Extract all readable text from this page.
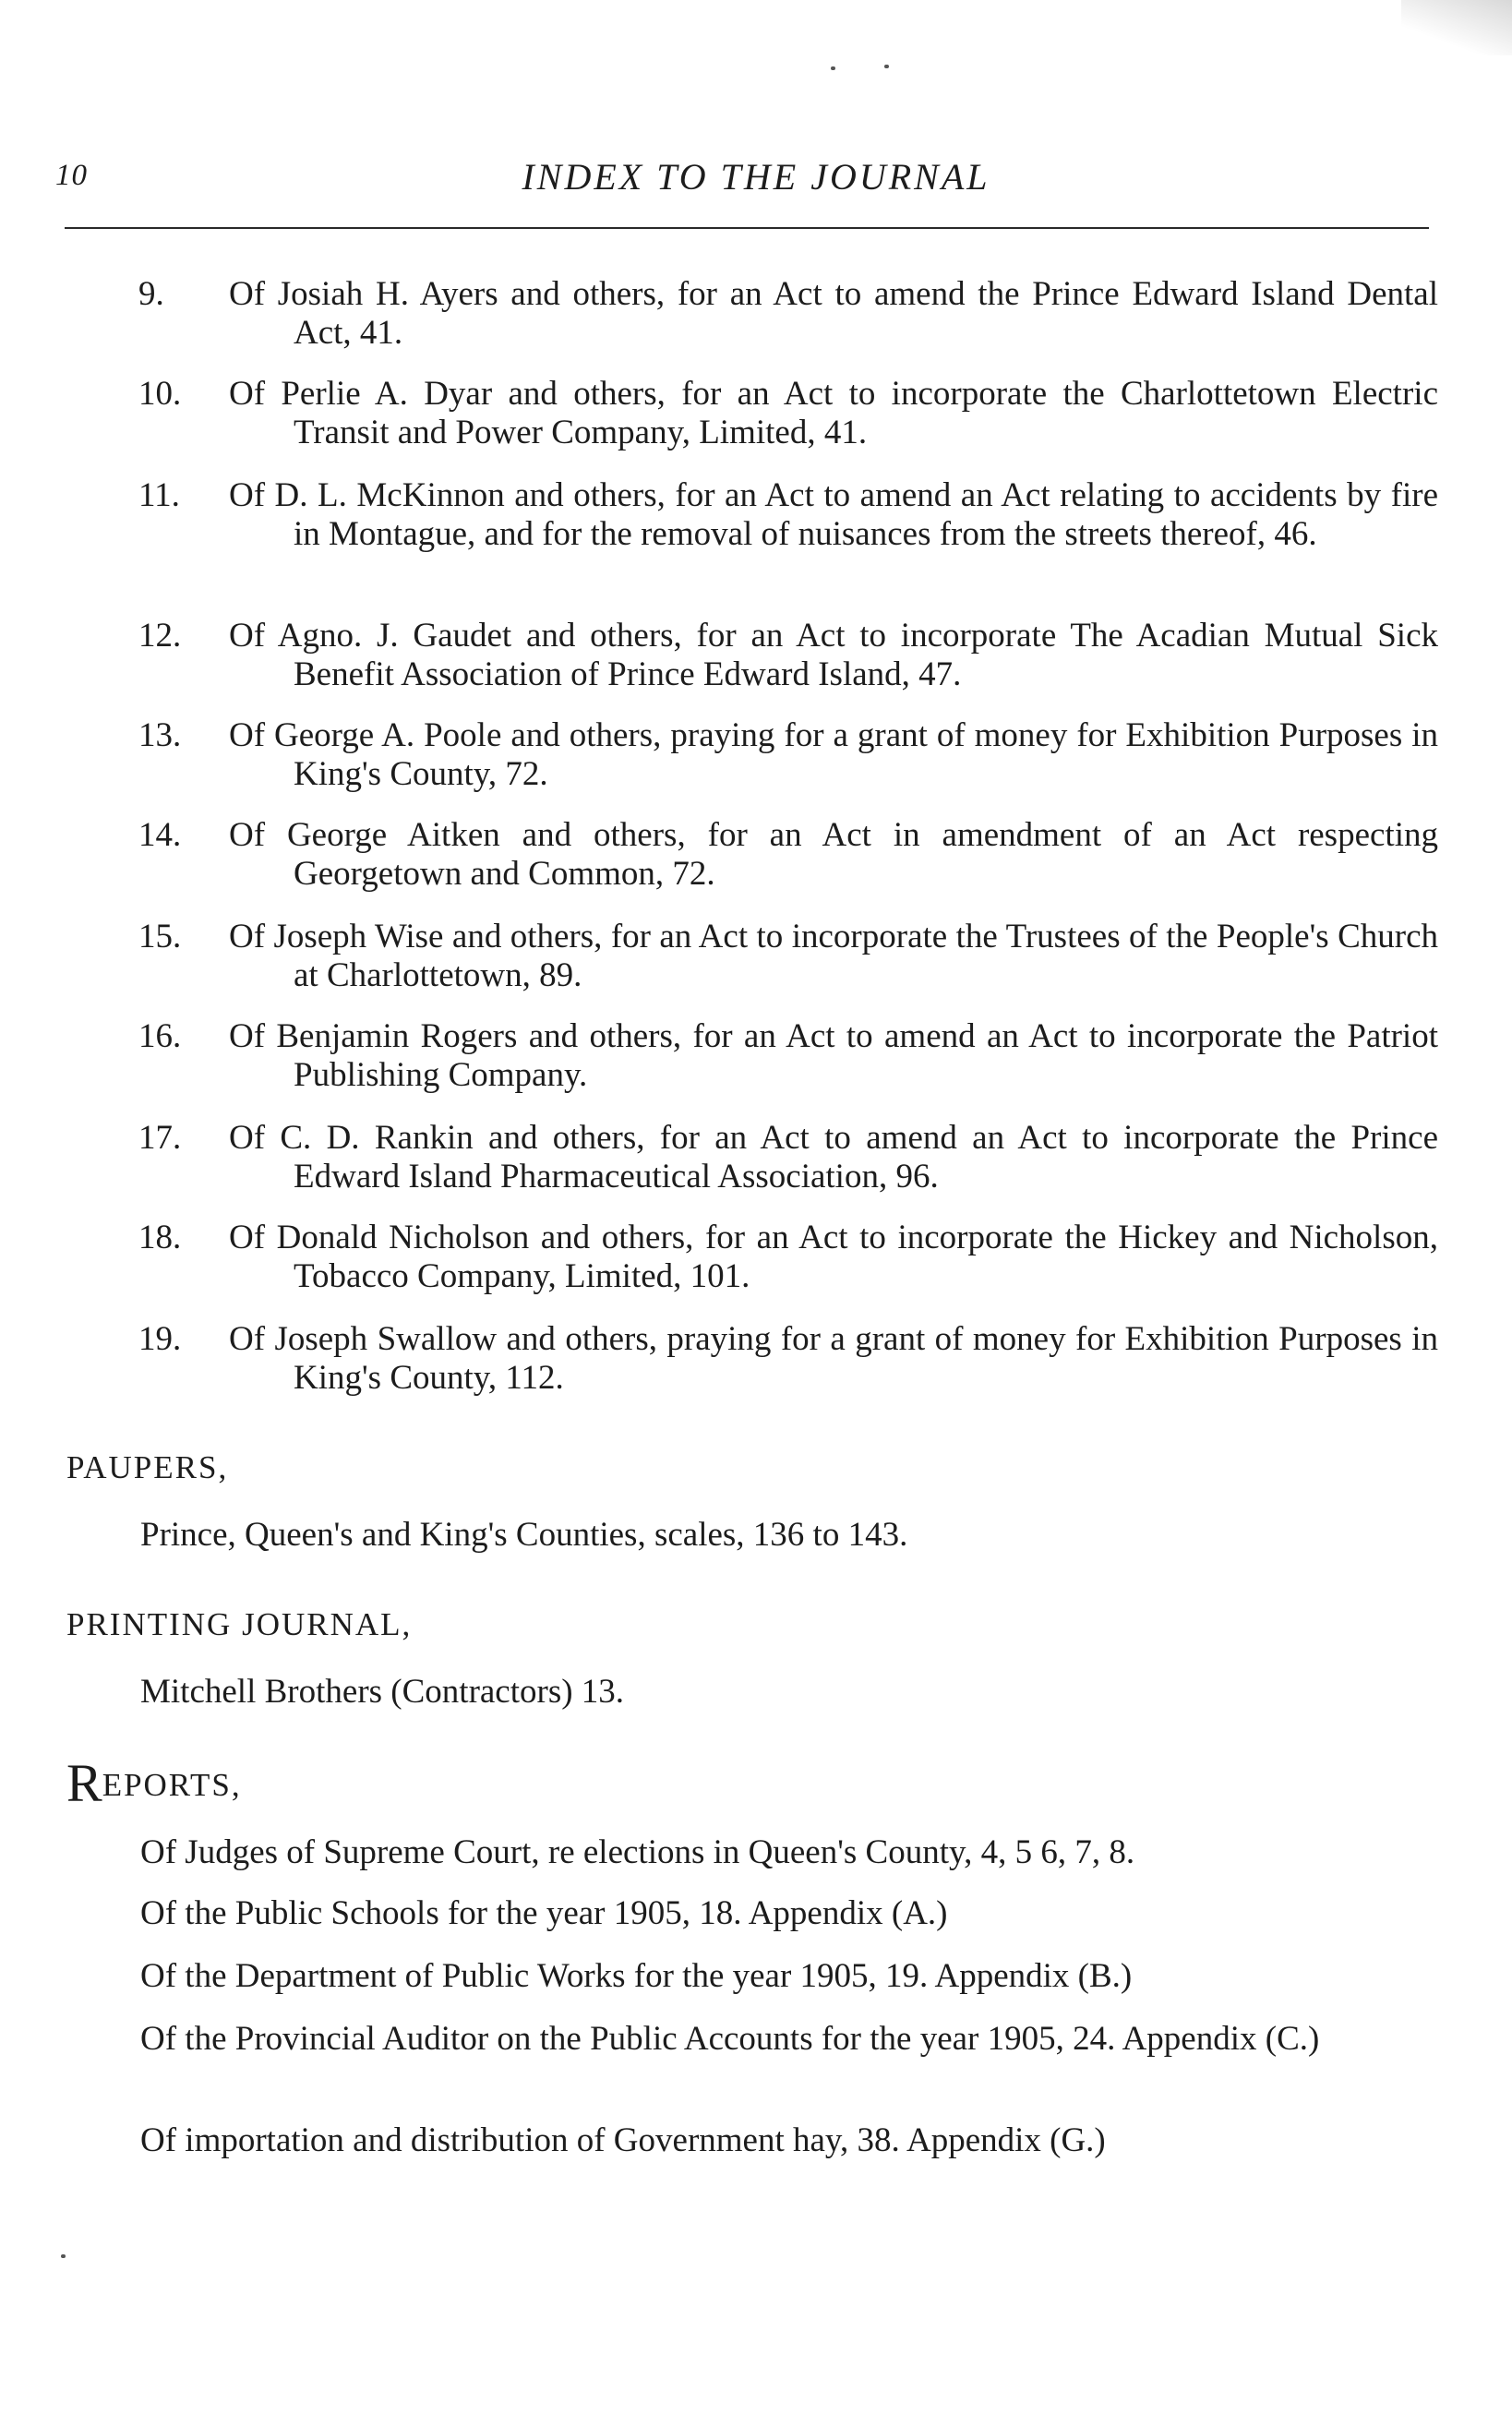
10	INDEX TO THE JOURNAL
9. Of Josiah H. Ayers and others, for an Act to amend the Prince Edward Island Dental Act, 41.
10. Of Perlie A. Dyar and others, for an Act to incorporate the Charlottetown Electric Transit and Power Company, Limited, 41.
11. Of D. L. McKinnon and others, for an Act to amend an Act relating to accidents by fire in Montague, and for the removal of nuisances from the streets thereof, 46.
12. Of Agno. J. Gaudet and others, for an Act to incorporate The Acadian Mutual Sick Benefit Association of Prince Edward Island, 47.
13. Of George A. Poole and others, praying for a grant of money for Exhibition Purposes in King's County, 72.
14. Of George Aitken and others, for an Act in amendment of an Act respecting Georgetown and Common, 72.
15. Of Joseph Wise and others, for an Act to incorporate the Trustees of the People's Church at Charlottetown, 89.
16. Of Benjamin Rogers and others, for an Act to amend an Act to incorporate the Patriot Publishing Company.
17. Of C. D. Rankin and others, for an Act to amend an Act to incorporate the Prince Edward Island Pharmaceutical Association, 96.
18. Of Donald Nicholson and others, for an Act to incorporate the Hickey and Nicholson, Tobacco Company, Limited, 101.
19. Of Joseph Swallow and others, praying for a grant of money for Exhibition Purposes in King's County, 112.
PAUPERS,
Prince, Queen's and King's Counties, scales, 136 to 143.
PRINTING JOURNAL,
Mitchell Brothers (Contractors) 13.
REPORTS,
Of Judges of Supreme Court, re elections in Queen's County, 4, 5 6, 7, 8.
Of the Public Schools for the year 1905, 18. Appendix (A.)
Of the Department of Public Works for the year 1905, 19. Appendix (B.)
Of the Provincial Auditor on the Public Accounts for the year 1905, 24. Appendix (C.)
Of importation and distribution of Government hay, 38. Appendix (G.)
